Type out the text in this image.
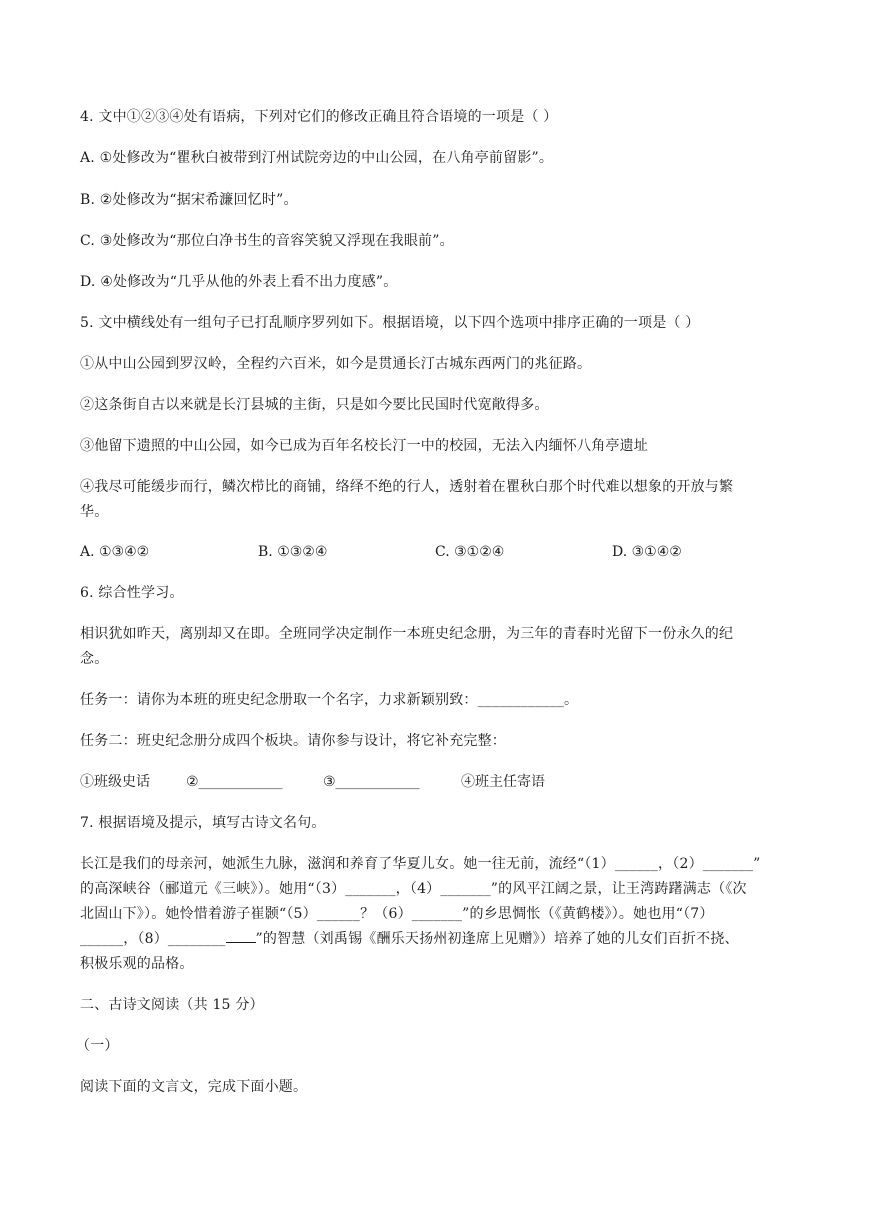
4. 文中①②③④处有语病，下列对它们的修改正确且符合语境的一项是（ ）
A. ①处修改为“瞿秋白被带到汀州试院旁边的中山公园，在八角亭前留影”。
B. ②处修改为“据宋希濂回忆时”。
C. ③处修改为“那位白净书生的音容笑貌又浮现在我眼前”。
D. ④处修改为“几乎从他的外表上看不出力度感”。
5. 文中横线处有一组句子已打乱顺序罗列如下。根据语境，以下四个选项中排序正确的一项是（ ）
①从中山公园到罗汉岭，全程约六百米，如今是贯通长汀古城东西两门的兆征路。
②这条街自古以来就是长汀县城的主街，只是如今要比民国时代宽敞得多。
③他留下遗照的中山公园，如今已成为百年名校长汀一中的校园，无法入内缅怀八角亭遗址
④我尽可能缓步而行，鳞次栉比的商铺，络绎不绝的行人，透射着在瞿秋白那个时代难以想象的开放与繁
华。
A. ①③④②	B. ①③②④	C. ③①②④	D. ③①④②
6. 综合性学习。
相识犹如昨天，离别却又在即。全班同学决定制作一本班史纪念册，为三年的青春时光留下一份永久的纪
念。
任务一：请你为本班的班史纪念册取一个名字，力求新颖别致：____________。
任务二：班史纪念册分成四个板块。请你参与设计，将它补充完整：
①班级史话	②____________	③____________	④班主任寄语
7. 根据语境及提示，填写古诗文名句。
长江是我们的母亲河，她派生九脉，滋润和养育了华夏儿女。她一往无前，流经“（1）______，（2）_______”
的高深峡谷（郦道元《三峡》）。她用“（3）_______，（4）_______”的风平江阔之景，让王湾踌躇满志（《次
北固山下》）。她怜惜着游子崔颢“（5）______？（6）_______”的乡思惆怅（《黄鹤楼》）。她也用“（7）
______，（8）________ ”的智慧（刘禹锡《酬乐天扬州初逢席上见赠》）培养了她的儿女们百折不挠、
积极乐观的品格。
二、古诗文阅读（共 15 分）
（一）
阅读下面的文言文，完成下面小题。
